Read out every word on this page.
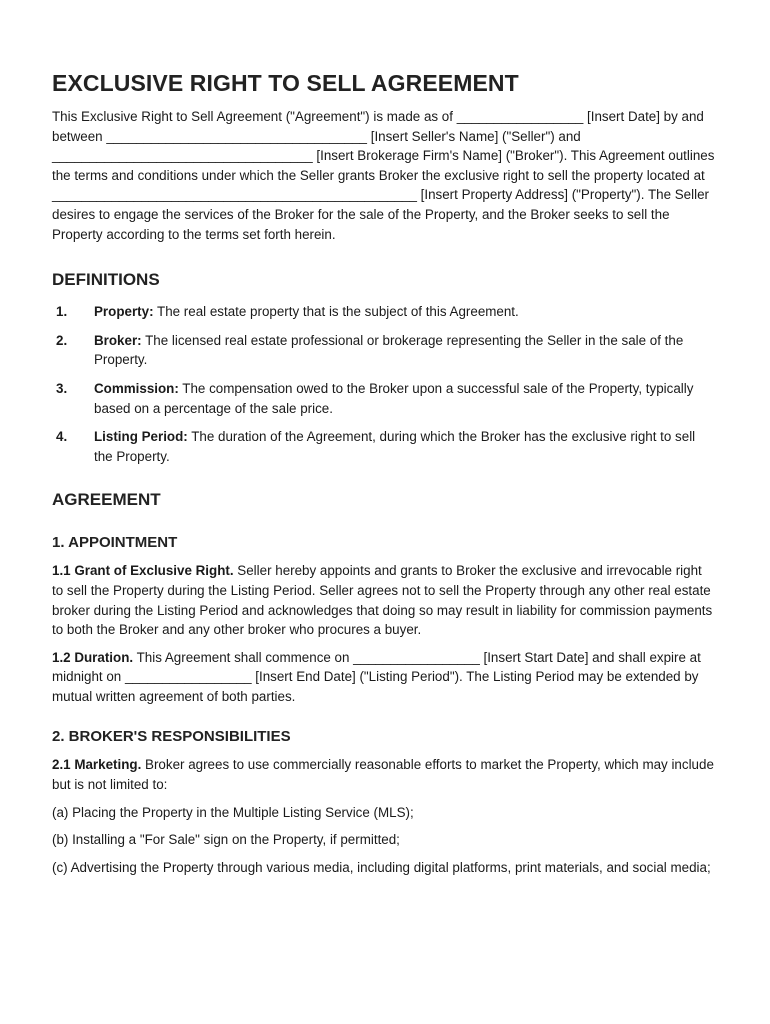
EXCLUSIVE RIGHT TO SELL AGREEMENT

This Exclusive Right to Sell Agreement ("Agreement") is made as of _________________ [Insert Date] by and between ___________________________________ [Insert Seller's Name] ("Seller") and ___________________________________ [Insert Brokerage Firm's Name] ("Broker"). This Agreement outlines the terms and conditions under which the Seller grants Broker the exclusive right to sell the property located at _________________________________________________ [Insert Property Address] ("Property"). The Seller desires to engage the services of the Broker for the sale of the Property, and the Broker seeks to sell the Property according to the terms set forth herein.

DEFINITIONS
1.	Property: The real estate property that is the subject of this Agreement.
2.	Broker: The licensed real estate professional or brokerage representing the Seller in the sale of the Property.
3.	Commission: The compensation owed to the Broker upon a successful sale of the Property, typically based on a percentage of the sale price.
4.	Listing Period: The duration of the Agreement, during which the Broker has the exclusive right to sell the Property.
AGREEMENT
1. APPOINTMENT

1.1 Grant of Exclusive Right. Seller hereby appoints and grants to Broker the exclusive and irrevocable right to sell the Property during the Listing Period. Seller agrees not to sell the Property through any other real estate broker during the Listing Period and acknowledges that doing so may result in liability for commission payments to both the Broker and any other broker who procures a buyer.

1.2 Duration. This Agreement shall commence on _________________ [Insert Start Date] and shall expire at midnight on _________________ [Insert End Date] ("Listing Period"). The Listing Period may be extended by mutual written agreement of both parties.

2. BROKER'S RESPONSIBILITIES

2.1 Marketing. Broker agrees to use commercially reasonable efforts to market the Property, which may include but is not limited to:

(a) Placing the Property in the Multiple Listing Service (MLS);

(b) Installing a "For Sale" sign on the Property, if permitted;

(c) Advertising the Property through various media, including digital platforms, print materials, and social media;
